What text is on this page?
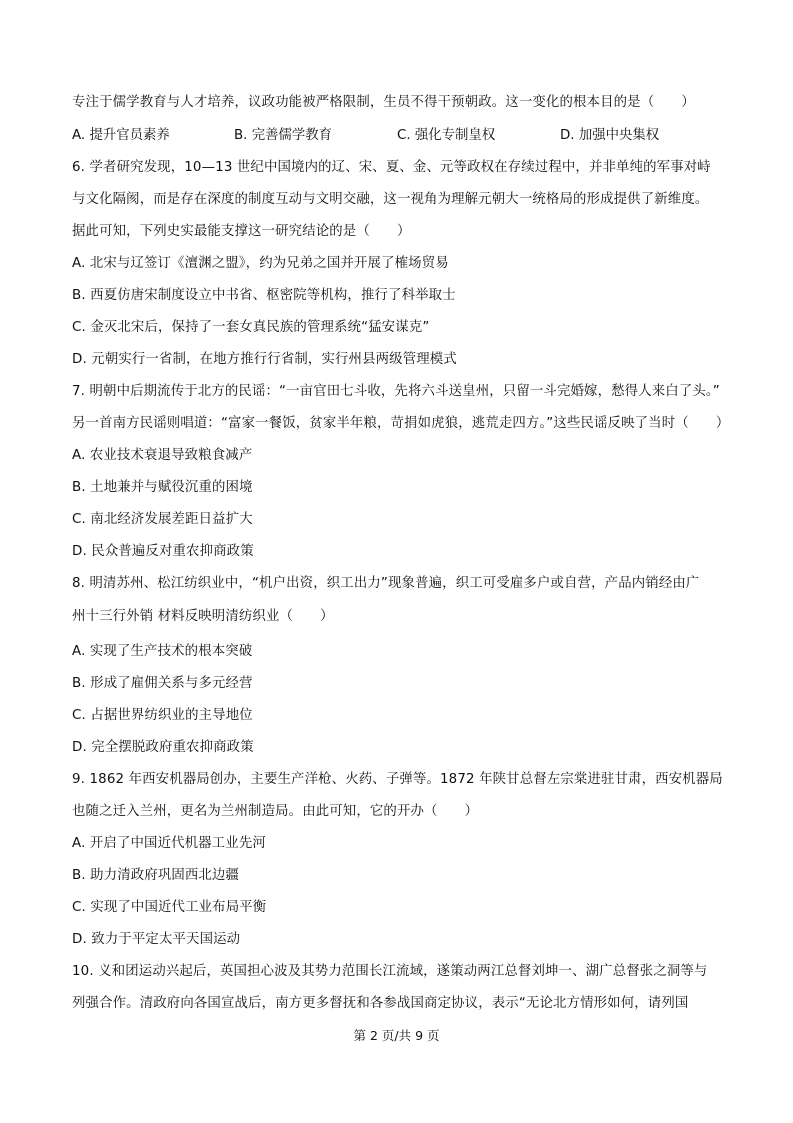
专注于儒学教育与人才培养，议政功能被严格限制，生员不得干预朝政。这一变化的根本目的是（　　）
A. 提升官员素养	B. 完善儒学教育	C. 强化专制皇权	D. 加强中央集权
6. 学者研究发现，10—13 世纪中国境内的辽、宋、夏、金、元等政权在存续过程中，并非单纯的军事对峙
与文化隔阂，而是存在深度的制度互动与文明交融，这一视角为理解元朝大一统格局的形成提供了新维度。
据此可知，下列史实最能支撑这一研究结论的是（　　）
A. 北宋与辽签订《澶渊之盟》，约为兄弟之国并开展了榷场贸易
B. 西夏仿唐宋制度设立中书省、枢密院等机构，推行了科举取士
C. 金灭北宋后，保持了一套女真民族的管理系统“猛安谋克”
D. 元朝实行一省制，在地方推行行省制，实行州县两级管理模式
7. 明朝中后期流传于北方的民谣：“一亩官田七斗收，先将六斗送皇州，只留一斗完婚嫁，愁得人来白了头。”
另一首南方民谣则唱道：“富家一餐饭，贫家半年粮，苛捐如虎狼，逃荒走四方。”这些民谣反映了当时（　　）
A. 农业技术衰退导致粮食减产
B. 土地兼并与赋役沉重的困境
C. 南北经济发展差距日益扩大
D. 民众普遍反对重农抑商政策
8. 明清苏州、松江纺织业中，“机户出资，织工出力”现象普遍，织工可受雇多户或自营，产品内销经由广
州十三行外销 材料反映明清纺织业（　　）
A. 实现了生产技术的根本突破
B. 形成了雇佣关系与多元经营
C. 占据世界纺织业的主导地位
D. 完全摆脱政府重农抑商政策
9. 1862 年西安机器局创办，主要生产洋枪、火药、子弹等。1872 年陕甘总督左宗棠进驻甘肃，西安机器局
也随之迁入兰州，更名为兰州制造局。由此可知，它的开办（　　）
A. 开启了中国近代机器工业先河
B. 助力清政府巩固西北边疆
C. 实现了中国近代工业布局平衡
D. 致力于平定太平天国运动
10. 义和团运动兴起后，英国担心波及其势力范围长江流域，遂策动两江总督刘坤一、湖广总督张之洞等与
列强合作。清政府向各国宣战后，南方更多督抚和各参战国商定协议，表示“无论北方情形如何，请列国
第 2 页/共 9 页
